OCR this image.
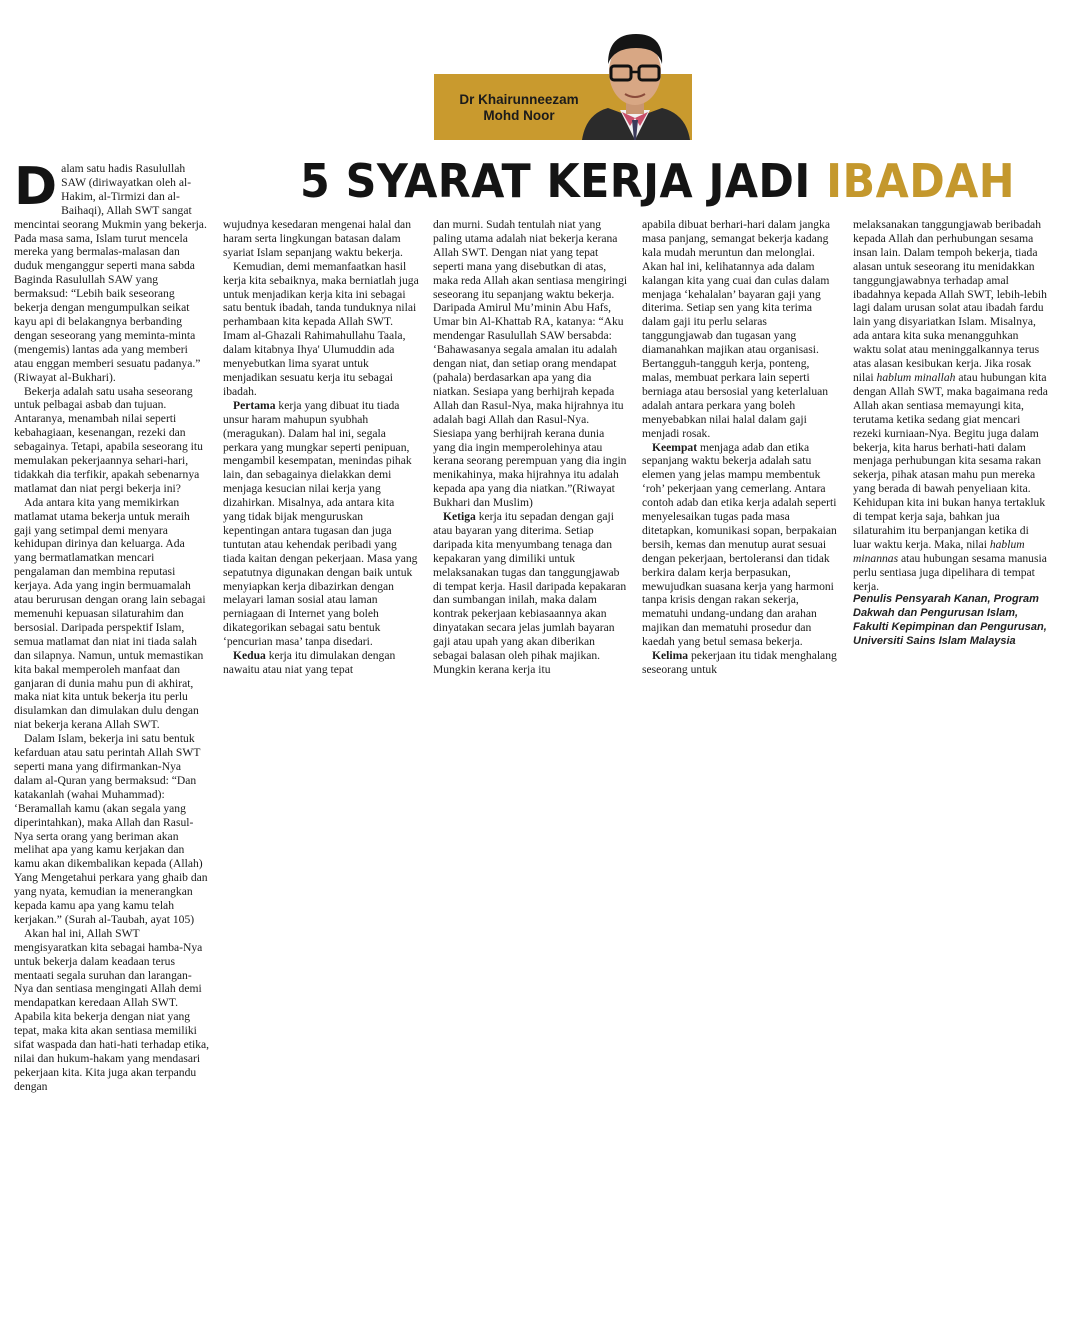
Dr Khairunneezam
Mohd Noor
5 SYARAT KERJA JADI IBADAH

Dalam satu hadis Rasulullah SAW (diriwayatkan oleh al-Hakim, al-Tirmizi dan al-Baihaqi), Allah SWT sangat mencintai seorang Mukmin yang bekerja. Pada masa sama, Islam turut mencela mereka yang bermalas-malasan dan duduk menganggur seperti mana sabda Baginda Rasulullah SAW yang bermaksud: “Lebih baik seseorang bekerja dengan mengumpulkan seikat kayu api di belakangnya berbanding dengan seseorang yang meminta-minta (mengemis) lantas ada yang memberi atau enggan memberi sesuatu padanya.” (Riwayat al-Bukhari).

Bekerja adalah satu usaha seseorang untuk pelbagai asbab dan tujuan. Antaranya, menambah nilai seperti kebahagiaan, kesenangan, rezeki dan sebagainya. Tetapi, apabila seseorang itu memulakan pekerjaannya sehari-hari, tidakkah dia terfikir, apakah sebenarnya matlamat dan niat pergi bekerja ini?

Ada antara kita yang memikirkan matlamat utama bekerja untuk meraih gaji yang setimpal demi menyara kehidupan dirinya dan keluarga. Ada yang bermatlamatkan mencari pengalaman dan membina reputasi kerjaya. Ada yang ingin bermuamalah atau berurusan dengan orang lain sebagai memenuhi kepuasan silaturahim dan bersosial. Daripada perspektif Islam, semua matlamat dan niat ini tiada salah dan silapnya. Namun, untuk memastikan kita bakal memperoleh manfaat dan ganjaran di dunia mahu pun di akhirat, maka niat kita untuk bekerja itu perlu disulamkan dan dimulakan dulu dengan niat bekerja kerana Allah SWT.

Dalam Islam, bekerja ini satu bentuk kefarduan atau satu perintah Allah SWT seperti mana yang difirmankan-Nya dalam al-Quran yang bermaksud: “Dan katakanlah (wahai Muhammad): ‘Beramallah kamu (akan segala yang diperintahkan), maka Allah dan Rasul-Nya serta orang yang beriman akan melihat apa yang kamu kerjakan dan kamu akan dikembalikan kepada (Allah) Yang Mengetahui perkara yang ghaib dan yang nyata, kemudian ia menerangkan kepada kamu apa yang kamu telah kerjakan.” (Surah al-Taubah, ayat 105)

Akan hal ini, Allah SWT mengisyaratkan kita sebagai hamba-Nya untuk bekerja dalam keadaan terus mentaati segala suruhan dan larangan-Nya dan sentiasa mengingati Allah demi mendapatkan keredaan Allah SWT. Apabila kita bekerja dengan niat yang tepat, maka kita akan sentiasa memiliki sifat waspada dan hati-hati terhadap etika, nilai dan hukum-hakam yang mendasari pekerjaan kita. Kita juga akan terpandu dengan

wujudnya kesedaran mengenai halal dan haram serta lingkungan batasan dalam syariat Islam sepanjang waktu bekerja.

Kemudian, demi memanfaatkan hasil kerja kita sebaiknya, maka berniatlah juga untuk menjadikan kerja kita ini sebagai satu bentuk ibadah, tanda tunduknya nilai perhambaan kita kepada Allah SWT. Imam al-Ghazali Rahimahullahu Taala, dalam kitabnya Ihya' Ulumuddin ada menyebutkan lima syarat untuk menjadikan sesuatu kerja itu sebagai ibadah.

Pertama kerja yang dibuat itu tiada unsur haram mahupun syubhah (meragukan). Dalam hal ini, segala perkara yang mungkar seperti penipuan, mengambil kesempatan, menindas pihak lain, dan sebagainya dielakkan demi menjaga kesucian nilai kerja yang dizahirkan. Misalnya, ada antara kita yang tidak bijak menguruskan kepentingan antara tugasan dan juga tuntutan atau kehendak peribadi yang tiada kaitan dengan pekerjaan. Masa yang sepatutnya digunakan dengan baik untuk menyiapkan kerja dibazirkan dengan melayari laman sosial atau laman perniagaan di Internet yang boleh dikategorikan sebagai satu bentuk ‘pencurian masa’ tanpa disedari.

Kedua kerja itu dimulakan dengan nawaitu atau niat yang tepat

dan murni. Sudah tentulah niat yang paling utama adalah niat bekerja kerana Allah SWT. Dengan niat yang tepat seperti mana yang disebutkan di atas, maka reda Allah akan sentiasa mengiringi seseorang itu sepanjang waktu bekerja. Daripada Amirul Mu’minin Abu Hafs, Umar bin Al-Khattab RA, katanya: “Aku mendengar Rasulullah SAW bersabda: ‘Bahawasanya segala amalan itu adalah dengan niat, dan setiap orang mendapat (pahala) berdasarkan apa yang dia niatkan. Sesiapa yang berhijrah kepada Allah dan Rasul-Nya, maka hijrahnya itu adalah bagi Allah dan Rasul-Nya. Siesiapa yang berhijrah kerana dunia yang dia ingin memperolehinya atau kerana seorang perempuan yang dia ingin menikahinya, maka hijrahnya itu adalah kepada apa yang dia niatkan.”(Riwayat Bukhari dan Muslim)

Ketiga kerja itu sepadan dengan gaji atau bayaran yang diterima. Setiap daripada kita menyumbang tenaga dan kepakaran yang dimiliki untuk melaksanakan tugas dan tanggungjawab di tempat kerja. Hasil daripada kepakaran dan sumbangan inilah, maka dalam kontrak pekerjaan kebiasaannya akan dinyatakan secara jelas jumlah bayaran gaji atau upah yang akan diberikan sebagai balasan oleh pihak majikan. Mungkin kerana kerja itu

apabila dibuat berhari-hari dalam jangka masa panjang, semangat bekerja kadang kala mudah meruntun dan melonglai. Akan hal ini, kelihatannya ada dalam kalangan kita yang cuai dan culas dalam menjaga ‘kehalalan’ bayaran gaji yang diterima. Setiap sen yang kita terima dalam gaji itu perlu selaras tanggungjawab dan tugasan yang diamanahkan majikan atau organisasi. Bertangguh-tangguh kerja, ponteng, malas, membuat perkara lain seperti berniaga atau bersosial yang keterlaluan adalah antara perkara yang boleh menyebabkan nilai halal dalam gaji menjadi rosak.

Keempat menjaga adab dan etika sepanjang waktu bekerja adalah satu elemen yang jelas mampu membentuk ‘roh’ pekerjaan yang cemerlang. Antara contoh adab dan etika kerja adalah seperti menyelesaikan tugas pada masa ditetapkan, komunikasi sopan, berpakaian bersih, kemas dan menutup aurat sesuai dengan pekerjaan, bertoleransi dan tidak berkira dalam kerja berpasukan, mewujudkan suasana kerja yang harmoni tanpa krisis dengan rakan sekerja, mematuhi undang-undang dan arahan majikan dan mematuhi prosedur dan kaedah yang betul semasa bekerja.

Kelima pekerjaan itu tidak menghalang seseorang untuk

melaksanakan tanggungjawab beribadah kepada Allah dan perhubungan sesama insan lain. Dalam tempoh bekerja, tiada alasan untuk seseorang itu menidakkan tanggungjawabnya terhadap amal ibadahnya kepada Allah SWT, lebih-lebih lagi dalam urusan solat atau ibadah fardu lain yang disyariatkan Islam. Misalnya, ada antara kita suka menangguhkan waktu solat atau meninggalkannya terus atas alasan kesibukan kerja. Jika rosak nilai hablum minallah atau hubungan kita dengan Allah SWT, maka bagaimana reda Allah akan sentiasa memayungi kita, terutama ketika sedang giat mencari rezeki kurniaan-Nya. Begitu juga dalam bekerja, kita harus berhati-hati dalam menjaga perhubungan kita sesama rakan sekerja, pihak atasan mahu pun mereka yang berada di bawah penyeliaan kita. Kehidupan kita ini bukan hanya tertakluk di tempat kerja saja, bahkan jua silaturahim itu berpanjangan ketika di luar waktu kerja. Maka, nilai hablum minannas atau hubungan sesama manusia perlu sentiasa juga dipelihara di tempat kerja.

Penulis Pensyarah Kanan, Program Dakwah dan Pengurusan Islam, Fakulti Kepimpinan dan Pengurusan, Universiti Sains Islam Malaysia
